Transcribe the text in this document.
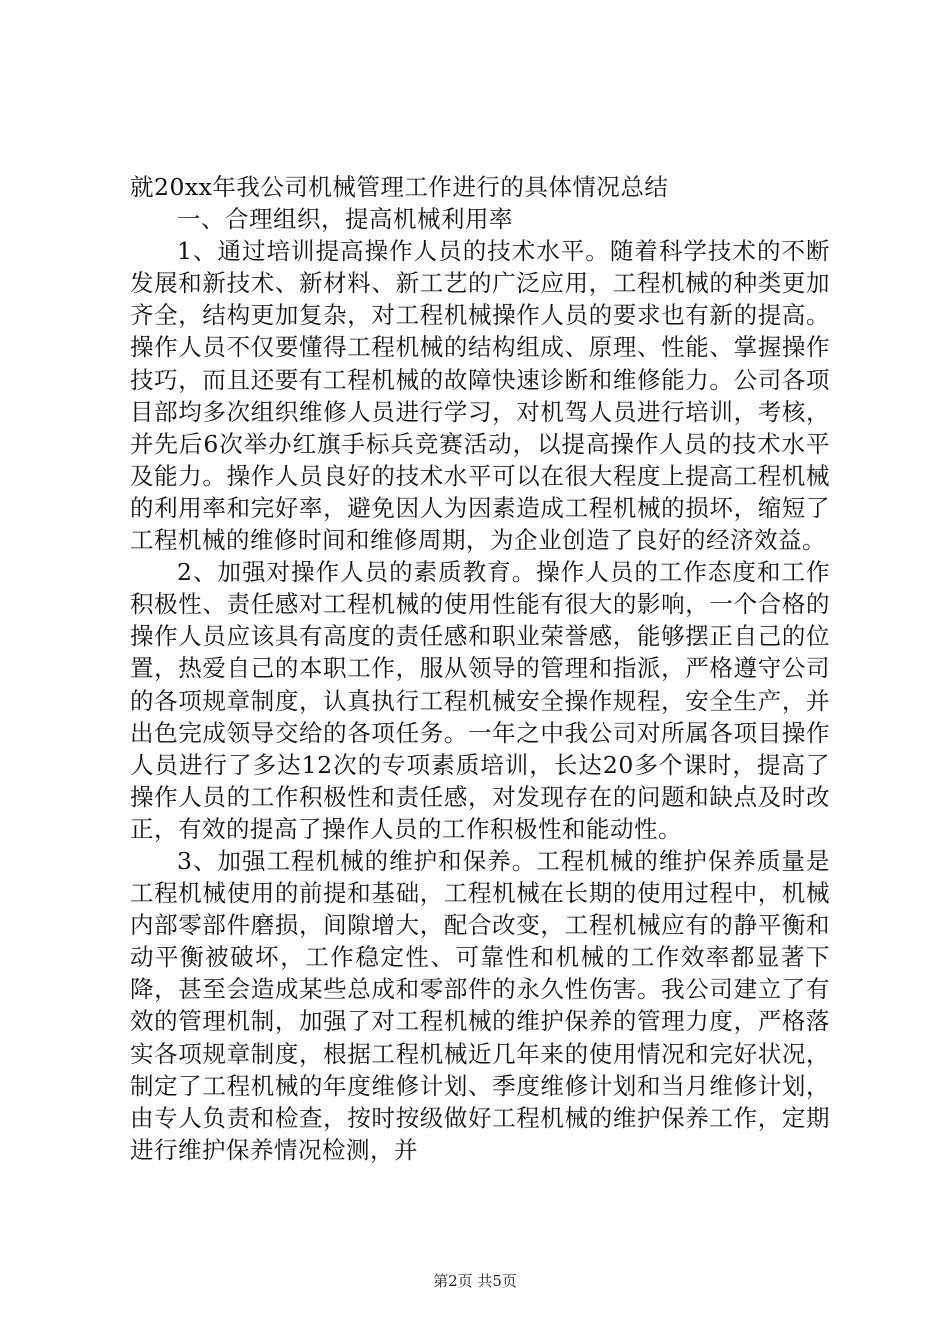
就20xx年我公司机械管理工作进行的具体情况总结

一、合理组织，提高机械利用率

1、通过培训提高操作人员的技术水平。随着科学技术的不断发展和新技术、新材料、新工艺的广泛应用，工程机械的种类更加齐全，结构更加复杂，对工程机械操作人员的要求也有新的提高。操作人员不仅要懂得工程机械的结构组成、原理、性能、掌握操作技巧，而且还要有工程机械的故障快速诊断和维修能力。公司各项目部均多次组织维修人员进行学习，对机驾人员进行培训，考核，并先后6次举办红旗手标兵竞赛活动，以提高操作人员的技术水平及能力。操作人员良好的技术水平可以在很大程度上提高工程机械的利用率和完好率，避免因人为因素造成工程机械的损坏，缩短了工程机械的维修时间和维修周期，为企业创造了良好的经济效益。

2、加强对操作人员的素质教育。操作人员的工作态度和工作积极性、责任感对工程机械的使用性能有很大的影响，一个合格的操作人员应该具有高度的责任感和职业荣誉感，能够摆正自己的位置，热爱自己的本职工作，服从领导的管理和指派，严格遵守公司的各项规章制度，认真执行工程机械安全操作规程，安全生产，并出色完成领导交给的各项任务。一年之中我公司对所属各项目操作人员进行了多达12次的专项素质培训，长达20多个课时，提高了操作人员的工作积极性和责任感，对发现存在的问题和缺点及时改正，有效的提高了操作人员的工作积极性和能动性。

3、加强工程机械的维护和保养。工程机械的维护保养质量是工程机械使用的前提和基础，工程机械在长期的使用过程中，机械内部零部件磨损，间隙增大，配合改变，工程机械应有的静平衡和动平衡被破坏，工作稳定性、可靠性和机械的工作效率都显著下降，甚至会造成某些总成和零部件的永久性伤害。我公司建立了有效的管理机制，加强了对工程机械的维护保养的管理力度，严格落实各项规章制度，根据工程机械近几年来的使用情况和完好状况，制定了工程机械的年度维修计划、季度维修计划和当月维修计划，由专人负责和检查，按时按级做好工程机械的维护保养工作，定期进行维护保养情况检测，并

第2页 共5页
